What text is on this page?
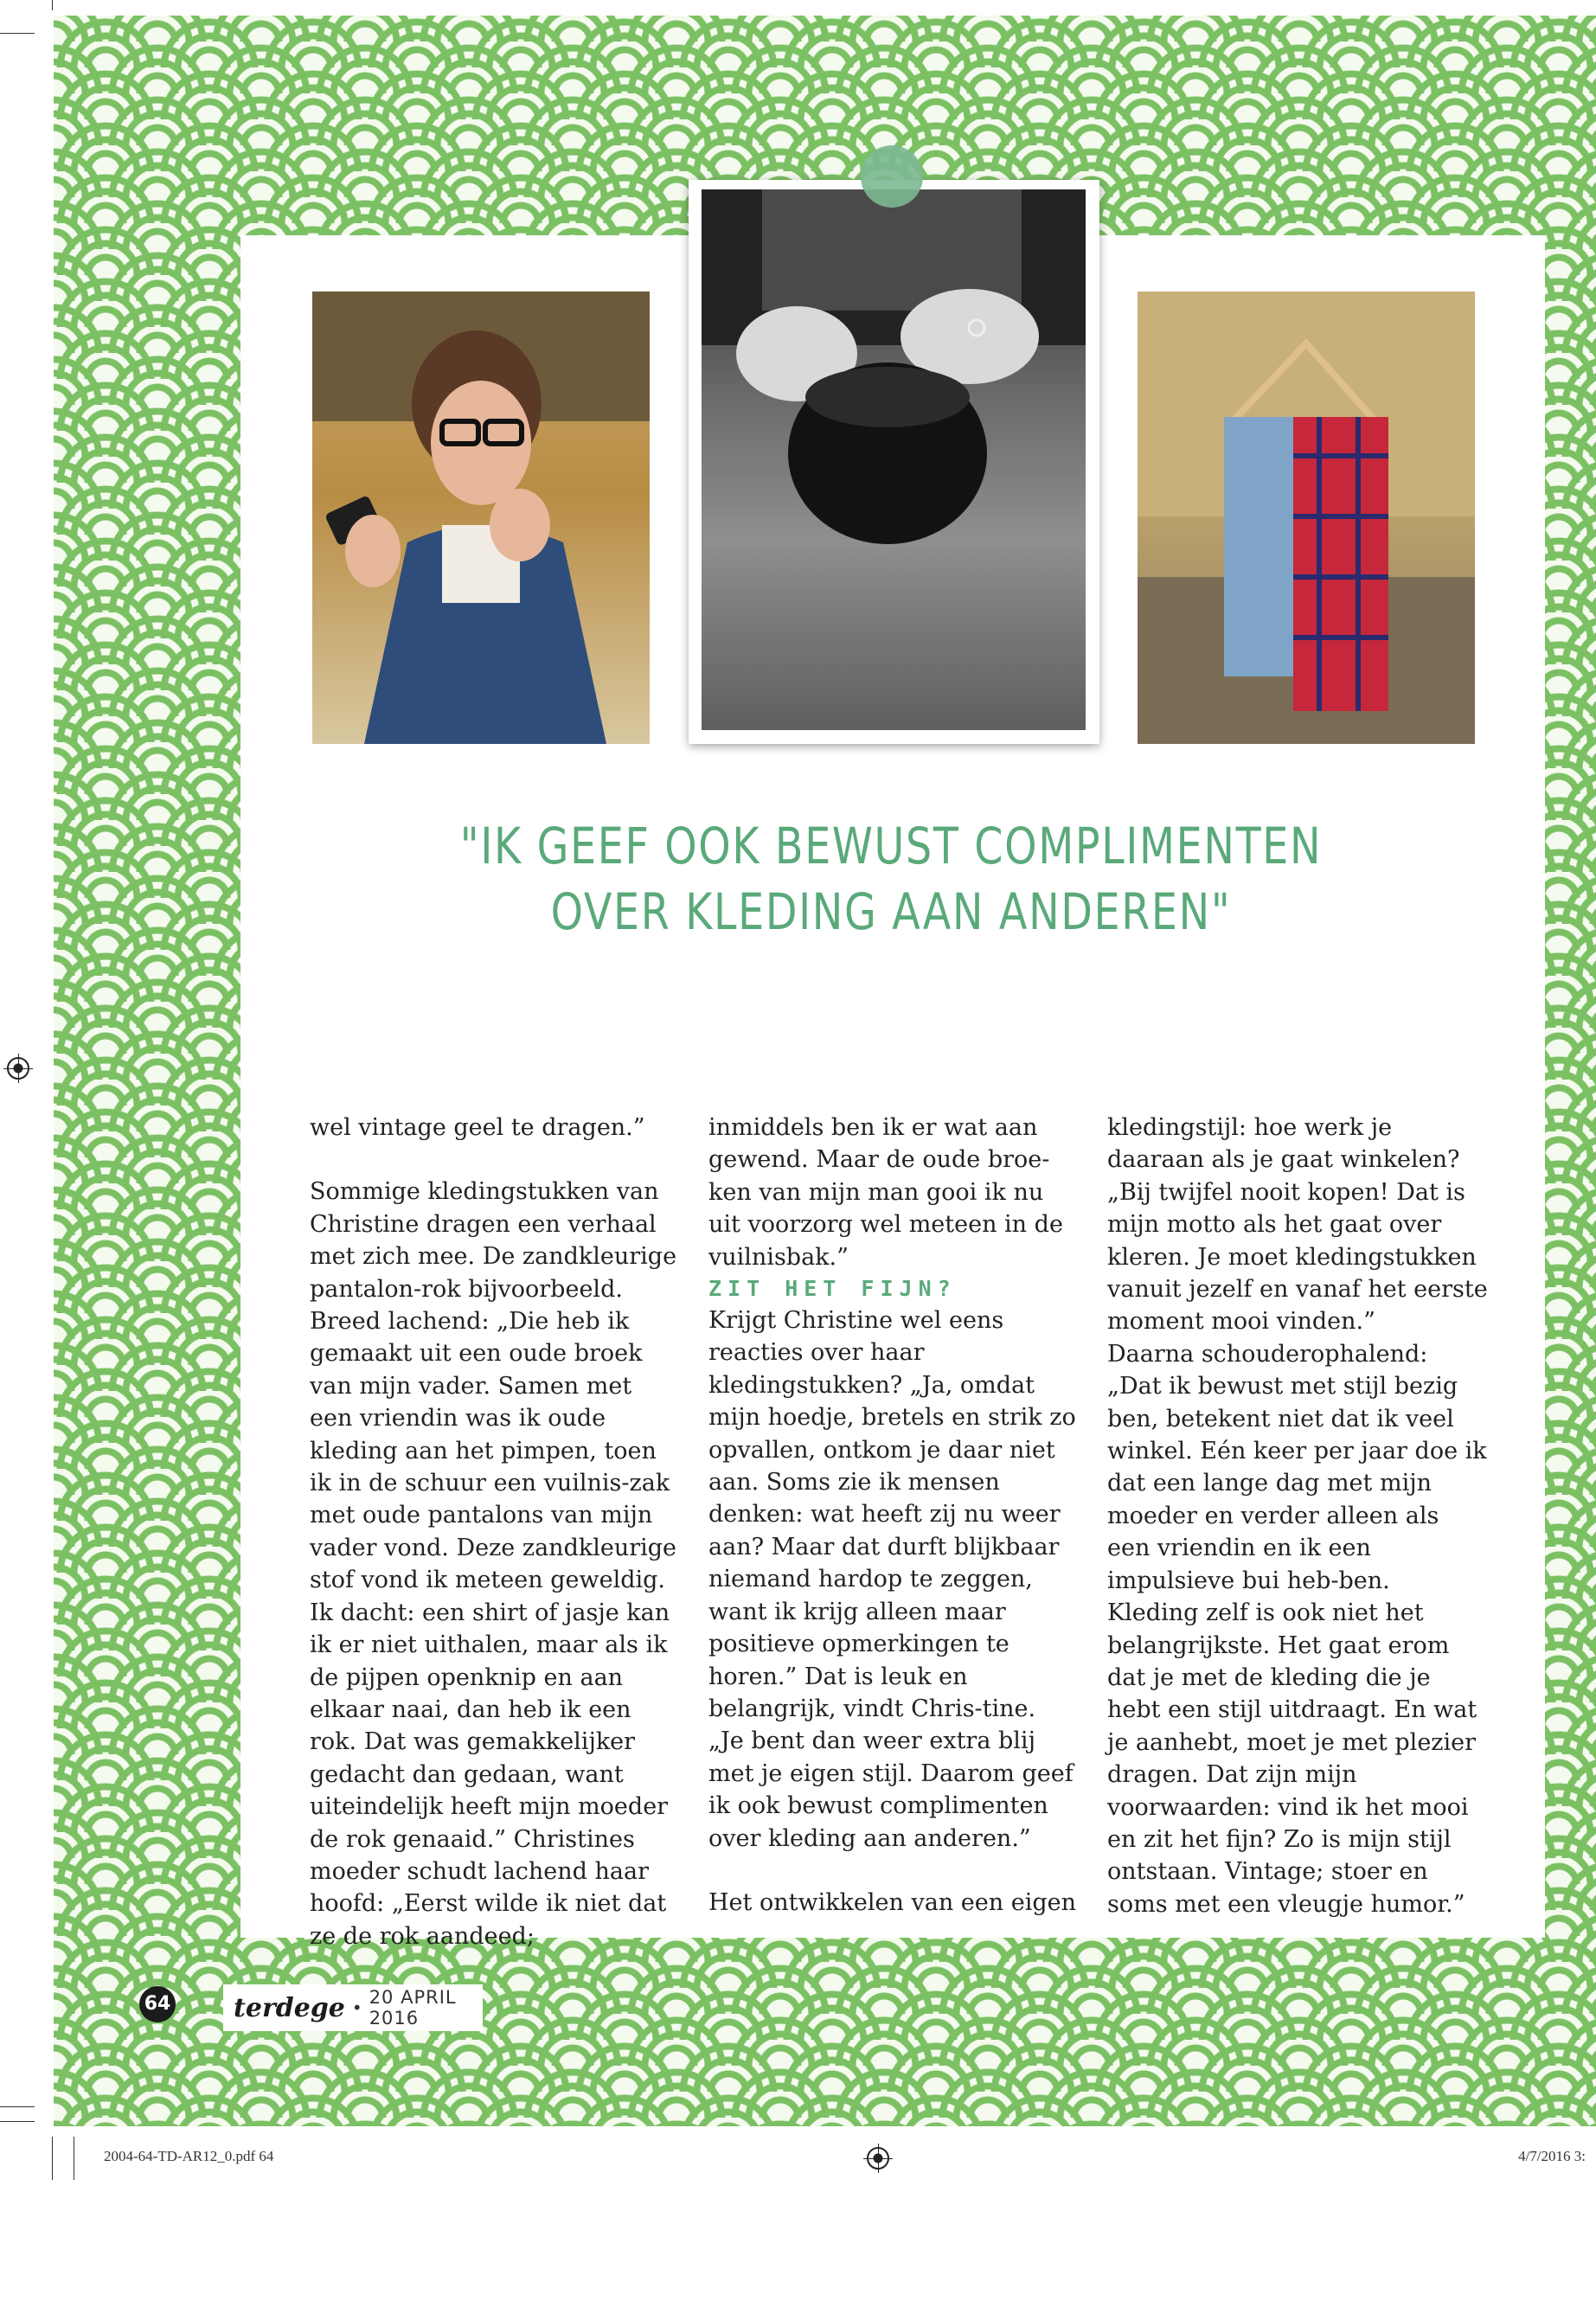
"IK GEEF OOK BEWUST COMPLIMENTEN
OVER KLEDING AAN ANDEREN"

wel vintage geel te dragen.”

Sommige kledingstukken van Christine dragen een verhaal met zich mee. De zandkleurige pantalon-rok bijvoorbeeld. Breed lachend: „Die heb ik gemaakt uit een oude broek van mijn vader. Samen met een vriendin was ik oude kleding aan het pimpen, toen ik in de schuur een vuilnis-zak met oude pantalons van mijn vader vond. Deze zandkleurige stof vond ik meteen geweldig. Ik dacht: een shirt of jasje kan ik er niet uithalen, maar als ik de pijpen openknip en aan elkaar naai, dan heb ik een rok. Dat was gemakkelijker gedacht dan gedaan, want uiteindelijk heeft mijn moeder de rok genaaid.” Christines moeder schudt lachend haar hoofd: „Eerst wilde ik niet dat ze de rok aandeed;

inmiddels ben ik er wat aan gewend. Maar de oude broe-ken van mijn man gooi ik nu uit voorzorg wel meteen in de vuilnisbak.”

ZIT HET FIJN?

Krijgt Christine wel eens reacties over haar kledingstukken? „Ja, omdat mijn hoedje, bretels en strik zo opvallen, ontkom je daar niet aan. Soms zie ik mensen denken: wat heeft zij nu weer aan? Maar dat durft blijkbaar niemand hardop te zeggen, want ik krijg alleen maar positieve opmerkingen te horen.” Dat is leuk en belangrijk, vindt Chris-tine. „Je bent dan weer extra blij met je eigen stijl. Daarom geef ik ook bewust complimenten over kleding aan anderen.”

Het ontwikkelen van een eigen

kledingstijl: hoe werk je daaraan als je gaat winkelen? „Bij twijfel nooit kopen! Dat is mijn motto als het gaat over kleren. Je moet kledingstukken vanuit jezelf en vanaf het eerste moment mooi vinden.”

Daarna schouderophalend: „Dat ik bewust met stijl bezig ben, betekent niet dat ik veel winkel. Eén keer per jaar doe ik dat een lange dag met mijn moeder en verder alleen als een vriendin en ik een impulsieve bui heb-ben. Kleding zelf is ook niet het belangrijkste. Het gaat erom dat je met de kleding die je hebt een stijl uitdraagt. En wat je aanhebt, moet je met plezier dragen. Dat zijn mijn voorwaarden: vind ik het mooi en zit het fijn? Zo is mijn stijl ontstaan. Vintage; stoer en soms met een vleugje humor.”

64 terdege • 20 APRIL 2016
2004-64-TD-AR12_0.pdf 64	4/7/2016 3:
